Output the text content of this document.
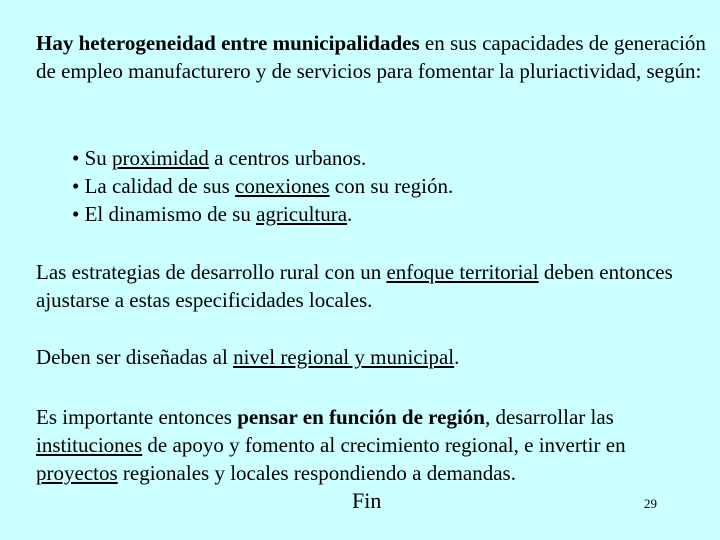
Hay heterogeneidad entre municipalidades en sus capacidades de generación de empleo manufacturero y de servicios para fomentar la pluriactividad, según:

• Su proximidad a centros urbanos.
• La calidad de sus conexiones con su región.
• El dinamismo de su agricultura.

Las estrategias de desarrollo rural con un enfoque territorial deben entonces ajustarse a estas especificidades locales.

Deben ser diseñadas al nivel regional y municipal.

Es importante entonces pensar en función de región, desarrollar las instituciones de apoyo y fomento al crecimiento regional, e invertir en proyectos regionales y locales respondiendo a demandas.

Fin	29
